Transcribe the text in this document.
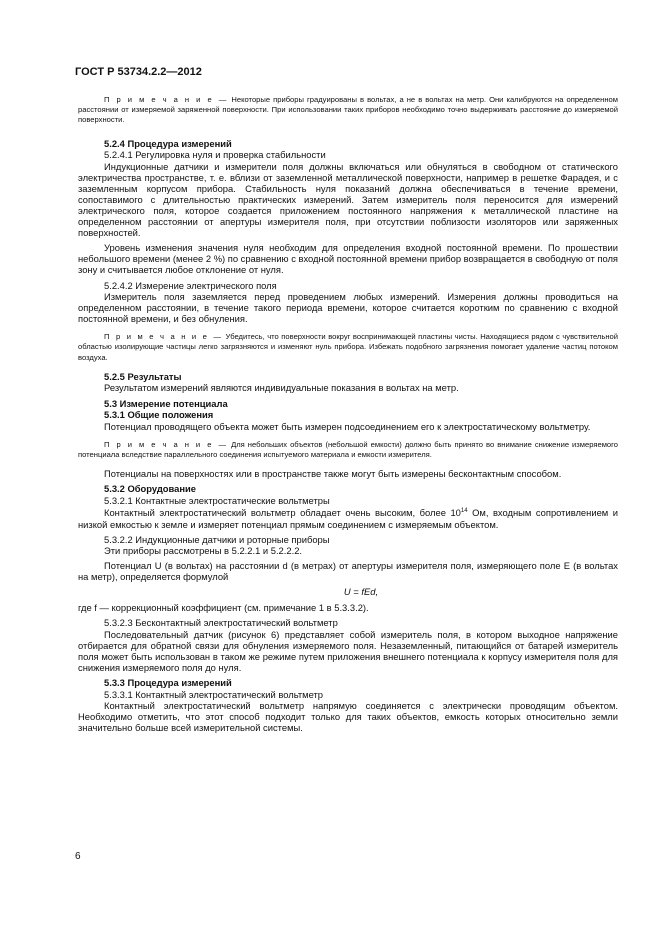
ГОСТ Р 53734.2.2—2012

П р и м е ч а н и е — Некоторые приборы градуированы в вольтах, а не в вольтах на метр. Они калибруются на определенном расстоянии от измеряемой заряженной поверхности. При использовании таких приборов необходимо точно выдерживать расстояние до измеряемой поверхности.

5.2.4 Процедура измерений

5.2.4.1 Регулировка нуля и проверка стабильности

Индукционные датчики и измерители поля должны включаться или обнуляться в свободном от статического электричества пространстве, т. е. вблизи от заземленной металлической поверхности, например в решетке Фарадея, и с заземленным корпусом прибора. Стабильность нуля показаний должна обеспечиваться в течение времени, сопоставимого с длительностью практических измерений. Затем измеритель поля переносится для измерений электрического поля, которое создается приложением постоянного напряжения к металлической пластине на определенном расстоянии от апертуры измерителя поля, при отсутствии поблизости изоляторов или заряженных поверхностей.

Уровень изменения значения нуля необходим для определения входной постоянной времени. По прошествии небольшого времени (менее 2 %) по сравнению с входной постоянной времени прибор возвращается в свободную от поля зону и считывается любое отклонение от нуля.

5.2.4.2 Измерение электрического поля

Измеритель поля заземляется перед проведением любых измерений. Измерения должны проводиться на определенном расстоянии, в течение такого периода времени, которое считается коротким по сравнению с входной постоянной времени, и без обнуления.

П р и м е ч а н и е — Убедитесь, что поверхности вокруг воспринимающей пластины чисты. Находящиеся рядом с чувствительной областью изолирующие частицы легко загрязняются и изменяют нуль прибора. Избежать подобного загрязнения помогает удаление частиц потоком воздуха.

5.2.5 Результаты

Результатом измерений являются индивидуальные показания в вольтах на метр.

5.3 Измерение потенциала

5.3.1 Общие положения

Потенциал проводящего объекта может быть измерен подсоединением его к электростатическому вольтметру.

П р и м е ч а н и е — Для небольших объектов (небольшой емкости) должно быть принято во внимание снижение измеряемого потенциала вследствие параллельного соединения испытуемого материала и емкости измерителя.

Потенциалы на поверхностях или в пространстве также могут быть измерены бесконтактным способом.

5.3.2 Оборудование

5.3.2.1 Контактные электростатические вольтметры

Контактный электростатический вольтметр обладает очень высоким, более $10^{14}$ Ом, входным сопротивлением и низкой емкостью к земле и измеряет потенциал прямым соединением с измеряемым объектом.

5.3.2.2 Индукционные датчики и роторные приборы

Эти приборы рассмотрены в 5.2.2.1 и 5.2.2.2.

Потенциал U (в вольтах) на расстоянии d (в метрах) от апертуры измерителя поля, измеряющего поле E (в вольтах на метр), определяется формулой

U = fEd,

где f — коррекционный коэффициент (см. примечание 1 в 5.3.3.2).

5.3.2.3 Бесконтактный электростатический вольтметр

Последовательный датчик (рисунок 6) представляет собой измеритель поля, в котором выходное напряжение отбирается для обратной связи для обнуления измеряемого поля. Незаземленный, питающийся от батарей измеритель поля может быть использован в таком же режиме путем приложения внешнего потенциала к корпусу измерителя поля для снижения измеряемого поля до нуля.

5.3.3 Процедура измерений

5.3.3.1 Контактный электростатический вольтметр

Контактный электростатический вольтметр напрямую соединяется с электрически проводящим объектом. Необходимо отметить, что этот способ подходит только для таких объектов, емкость которых относительно земли значительно больше всей измерительной системы.

6
